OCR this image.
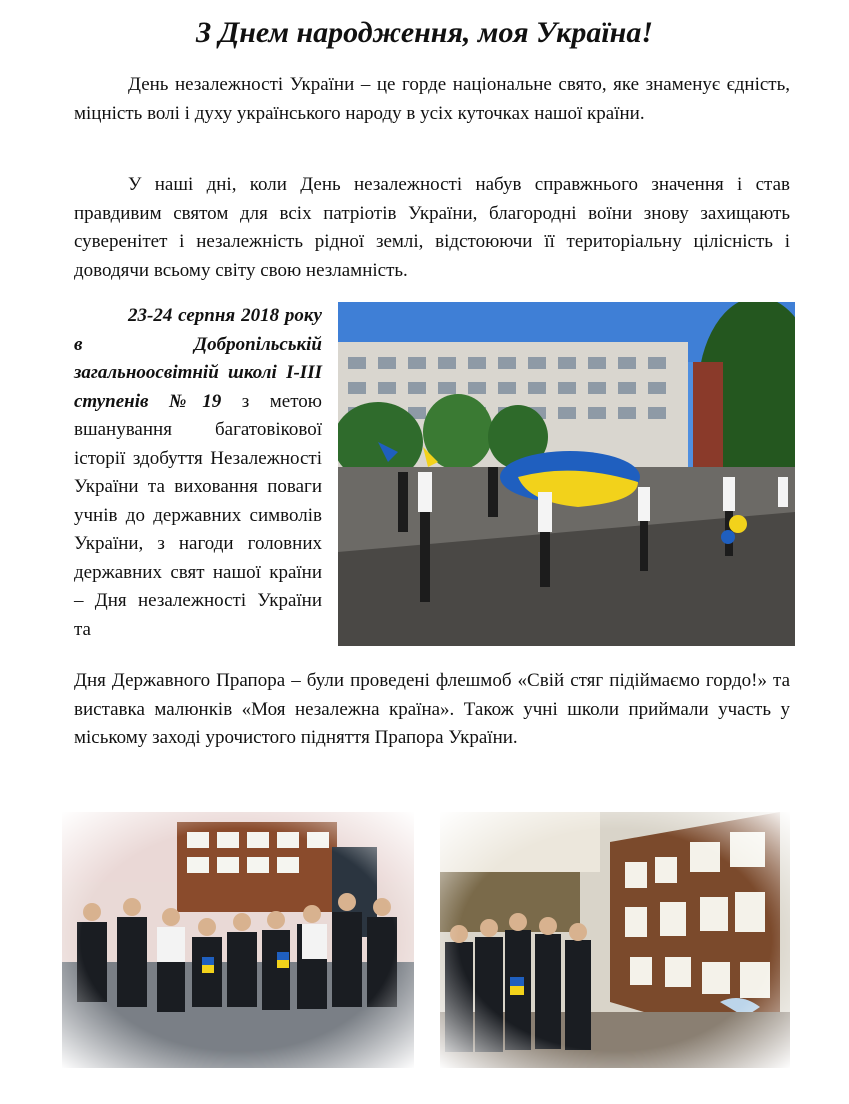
З Днем народження, моя Україна!

День незалежності України – це горде національне свято, яке знаменує єдність, міцність волі і духу українського народу в усіх куточках нашої країни.

У наші дні, коли День незалежності набув справжнього значення і став правдивим святом для всіх патріотів України, благородні воїни знову захищають суверенітет і незалежність рідної землі, відстоюючи її територіальну цілісність і доводячи всьому світу свою незламність.

23-24 серпня 2018 року в Добропільській загальноосвітній школі І-ІІІ ступенів №19 з метою вшанування багатовікової історії здобуття Незалежності України та виховання поваги учнів до державних символів України, з нагоди головних державних свят нашої країни – Дня незалежності України та

Дня Державного Прапора – були проведені флешмоб «Свій стяг підіймаємо гордо!» та виставка малюнків «Моя незалежна країна». Також учні школи приймали участь у міському заході урочистого підняття Прапора України.
